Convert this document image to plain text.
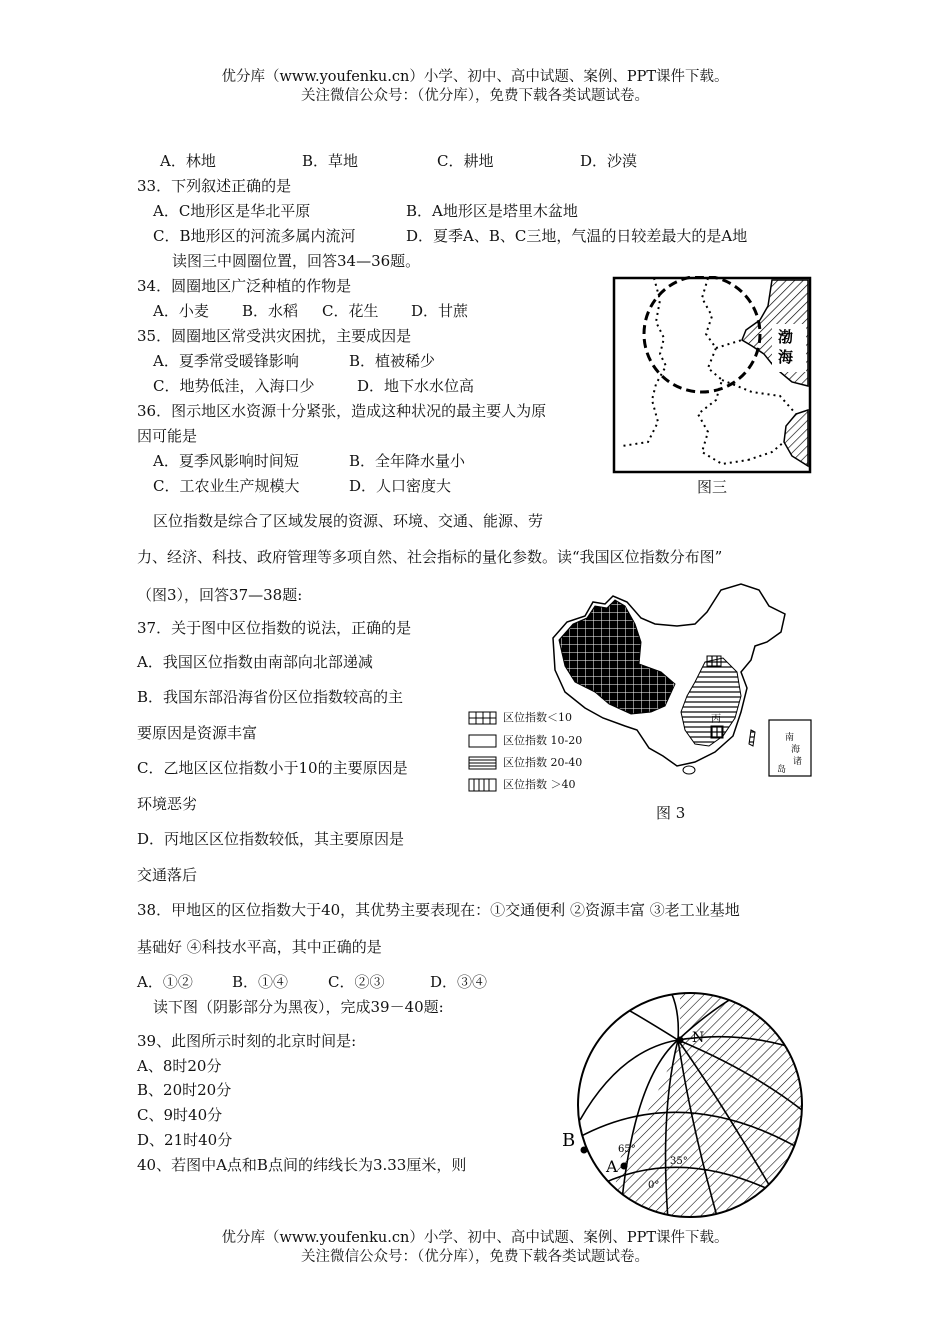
优分库（www.youfenku.cn）小学、初中、高中试题、案例、PPT课件下载。
关注微信公众号：（优分库），免费下载各类试题试卷。
A．林地	B．草地	C．耕地	D．沙漠
33．下列叙述正确的是
A．C地形区是华北平原	B．A地形区是塔里木盆地
C．B地形区的河流多属内流河	D．夏季A、B、C三地，气温的日较差最大的是A地
读图三中圆圈位置，回答34—36题。
34．圆圈地区广泛种植的作物是
A．小麦 B．水稻 C．花生 D．甘蔗
35．圆圈地区常受洪灾困扰，主要成因是
A．夏季常受暖锋影响	B．植被稀少
C．地势低洼，入海口少	D．地下水水位高
36．图示地区水资源十分紧张，造成这种状况的最主要人为原
因可能是
A．夏季风影响时间短	B．全年降水量小
C．工农业生产规模大	D．人口密度大
渤
海
图三
区位指数是综合了区域发展的资源、环境、交通、能源、劳
力、经济、科技、政府管理等多项自然、社会指标的量化参数。读“我国区位指数分布图”
（图3），回答37—38题:
37．关于图中区位指数的说法，正确的是
A．我国区位指数由南部向北部递减
B．我国东部沿海省份区位指数较高的主
要原因是资源丰富
C．乙地区区位指数小于10的主要原因是
环境恶劣
D．丙地区区位指数较低，其主要原因是
交通落后
丙
南
海
诸
岛
区位指数＜10
区位指数 10-20
区位指数 20-40
区位指数 ＞40
图 3
38．甲地区的区位指数大于40，其优势主要表现在：①交通便利 ②资源丰富 ③老工业基地
基础好 ④科技水平高，其中正确的是
A．①②	B．①④	C．②③	D．③④
读下图（阴影部分为黑夜），完成39－40题:
39、此图所示时刻的北京时间是:
A、8时20分
B、20时20分
C、9时40分
D、21时40分
40、若图中A点和B点间的纬线长为3.33厘米，则
N
B
A
65°
35°
0°
优分库（www.youfenku.cn）小学、初中、高中试题、案例、PPT课件下载。
关注微信公众号：（优分库），免费下载各类试题试卷。
